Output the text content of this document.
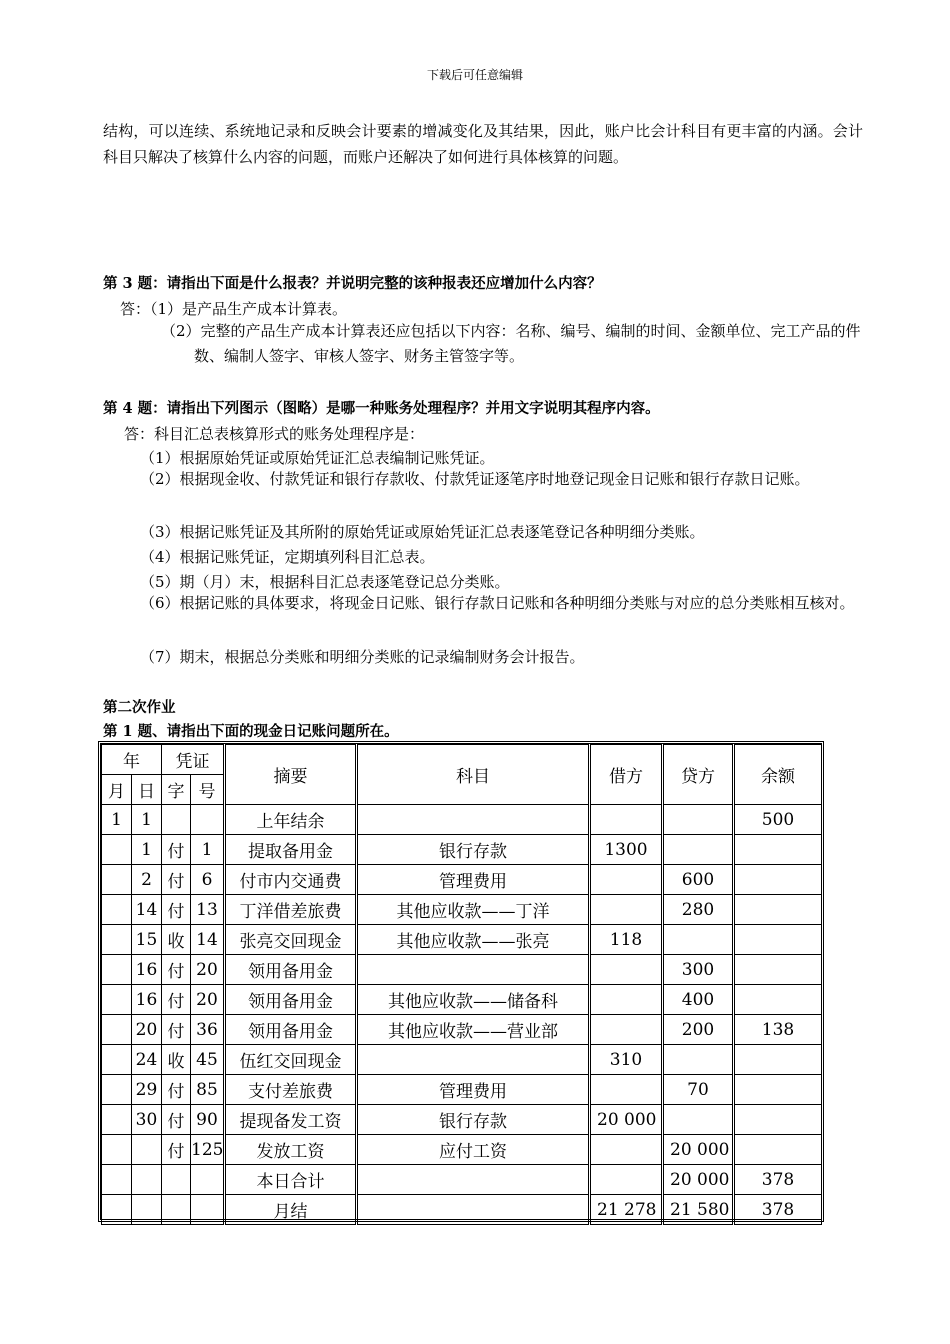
下载后可任意编辑
结构，可以连续、系统地记录和反映会计要素的增减变化及其结果，因此，账户比会计科目有更丰富的内涵。会计科目只解决了核算什么内容的问题，而账户还解决了如何进行具体核算的问题。
第 3 题：请指出下面是什么报表？并说明完整的该种报表还应增加什么内容？
答：（1）是产品生产成本计算表。
（2）完整的产品生产成本计算表还应包括以下内容：名称、编号、编制的时间、金额单位、完工产品的件数、编制人签字、审核人签字、财务主管签字等。
第 4 题：请指出下列图示（图略）是哪一种账务处理程序？并用文字说明其程序内容。
答：科目汇总表核算形式的账务处理程序是：
（1）根据原始凭证或原始凭证汇总表编制记账凭证。
（2）根据现金收、付款凭证和银行存款收、付款凭证逐笔序时地登记现金日记账和银行存款日记账。
（3）根据记账凭证及其所附的原始凭证或原始凭证汇总表逐笔登记各种明细分类账。
（4）根据记账凭证，定期填列科目汇总表。
（5）期（月）末，根据科目汇总表逐笔登记总分类账。
（6）根据记账的具体要求，将现金日记账、银行存款日记账和各种明细分类账与对应的总分类账相互核对。
（7）期末，根据总分类账和明细分类账的记录编制财务会计报告。
第二次作业
第 1 题、请指出下面的现金日记账问题所在。
年		凭证		摘要	科目	借方	贷方	余额
月	日	字	号					
1	1			上年结余				500
	1	付	1	提取备用金	银行存款	1300		
	2	付	6	付市内交通费	管理费用		600	
	14	付	13	丁洋借差旅费	其他应收款——丁洋		280	
	15	收	14	张亮交回现金	其他应收款——张亮	118		
	16	付	20	领用备用金			300	
	16	付	20	领用备用金	其他应收款——储备科		400	
	20	付	36	领用备用金	其他应收款——营业部		200	138
	24	收	45	伍红交回现金		310		
	29	付	85	支付差旅费	管理费用		70	
	30	付	90	提现备发工资	银行存款	20 000		
		付	125	发放工资	应付工资		20 000	
				本日合计			20 000	378
				月结		21 278	21 580	378
